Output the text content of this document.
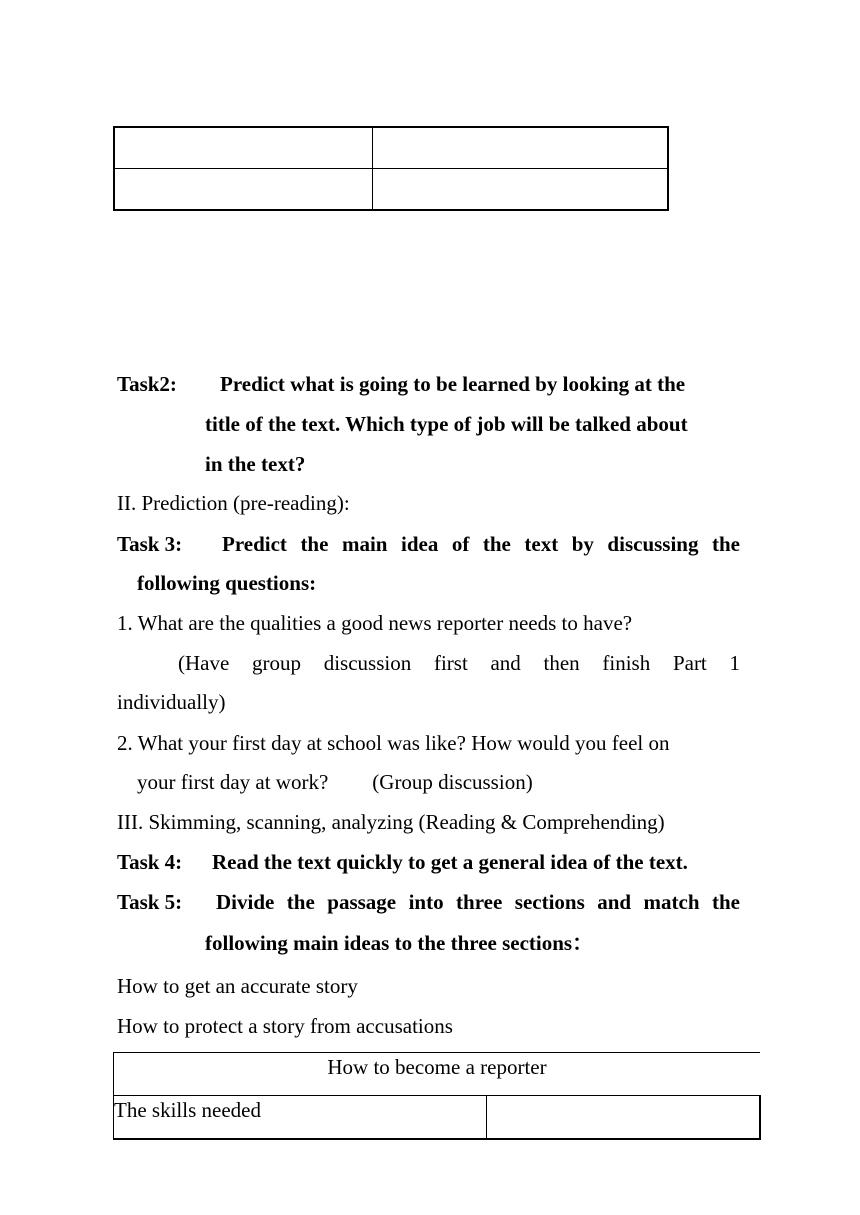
Task2: Predict what is going to be learned by looking at the
title of the text. Which type of job will be talked about
in the text?
II. Prediction (pre-reading):
Task 3: Predict the main idea of the text by discussing the
following questions:
1. What are the qualities a good news reporter needs to have?
(Have group discussion first and then finish Part 1
individually)
2. What your first day at school was like? How would you feel on
your first day at work? (Group discussion)
III. Skimming, scanning, analyzing (Reading & Comprehending)
Task 4: Read the text quickly to get a general idea of the text.
Task 5: Divide the passage into three sections and match the
following main ideas to the three sections：
How to get an accurate story
How to protect a story from accusations
How to become a reporter
The skills needed	
